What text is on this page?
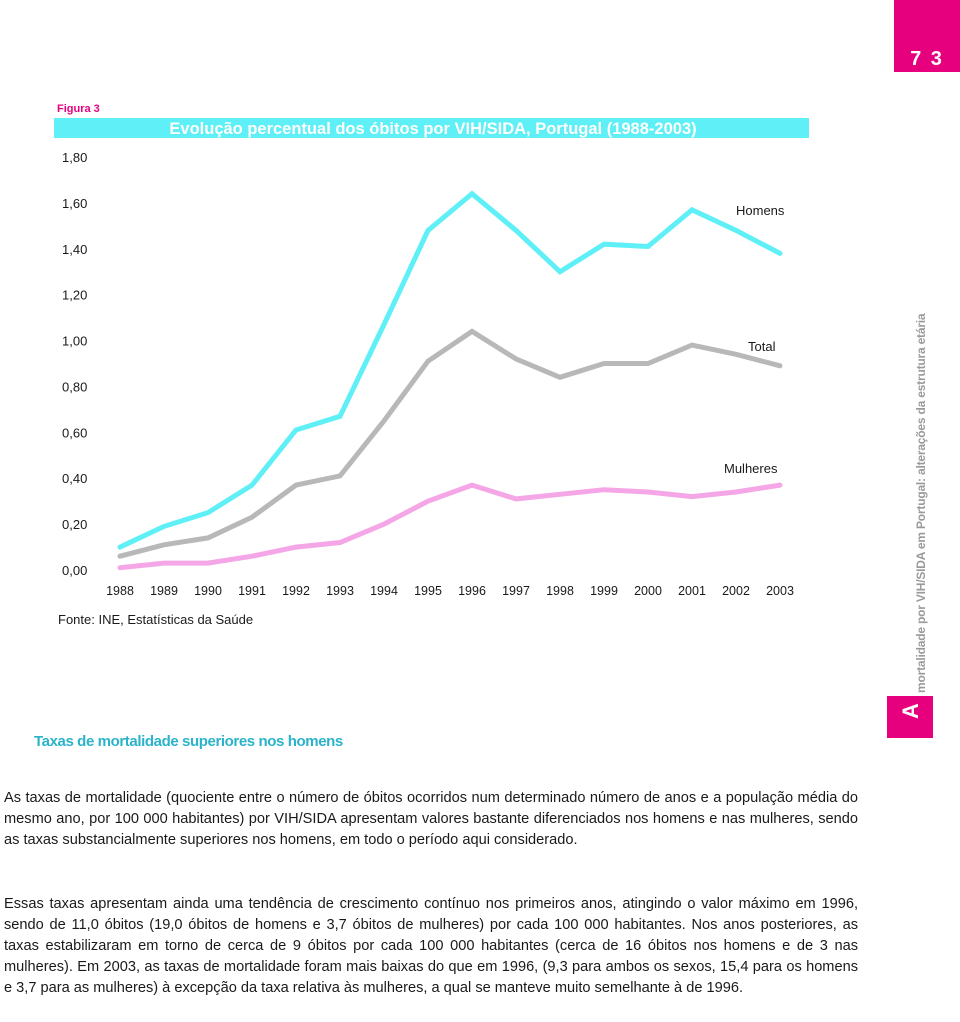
7 3
A
mortalidade por VIH/SIDA em Portugal: alterações da estrutura etária
Figura 3
Evolução percentual dos óbitos por VIH/SIDA, Portugal (1988-2003)
0,00
0,20
0,40
0,60
0,80
1,00
1,20
1,40
1,60
1,80
1988 1989 1990 1991 1992 1993 1994 1995 1996 1997 1998 1999 2000 2001 2002 2003
Homens
Total
Mulheres
Fonte: INE, Estatísticas da Saúde
Taxas de mortalidade superiores nos homens

As taxas de mortalidade (quociente entre o número de óbitos ocorridos num determinado número de anos e a população média do mesmo ano, por 100 000 habitantes) por VIH/SIDA apresentam valores bastante diferenciados nos homens e nas mulheres, sendo as taxas substancialmente superiores nos homens, em todo o período aqui considerado.

Essas taxas apresentam ainda uma tendência de crescimento contínuo nos primeiros anos, atingindo o valor máximo em 1996, sendo de 11,0 óbitos (19,0 óbitos de homens e 3,7 óbitos de mulheres) por cada 100 000 habitantes. Nos anos posteriores, as taxas estabilizaram em torno de cerca de 9 óbitos por cada 100 000 habitantes (cerca de 16 óbitos nos homens e de 3 nas mulheres). Em 2003, as taxas de mortalidade foram mais baixas do que em 1996, (9,3 para ambos os sexos, 15,4 para os homens e 3,7 para as mulheres) à excepção da taxa relativa às mulheres, a qual se manteve muito semelhante à de 1996.
